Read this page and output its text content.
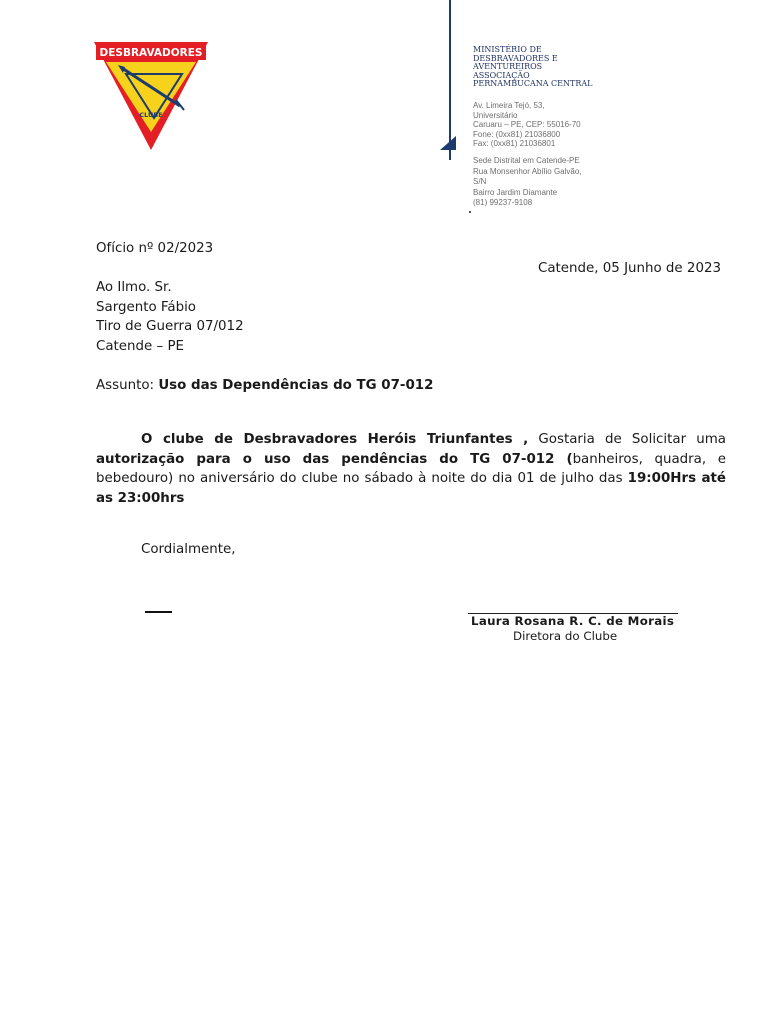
DESBRAVADORES
CLUBE
MINISTÉRIO DE
DESBRAVADORES E
AVENTUREIROS
ASSOCIAÇÃO
PERNAMBUCANA CENTRAL
Av. Limeira Tejó, 53,
Universitário
Caruaru – PE, CEP: 55016-70
Fone: (0xx81) 21036800
Fax: (0xx81) 21036801
Sede Distrital em Catende-PE
Rua Monsenhor Abílio Galvão,
S/N
Bairro Jardim Diamante
(81) 99237-9108
Ofício nº 02/2023
Catende, 05 Junho de 2023
Ao Ilmo. Sr.
Sargento Fábio
Tiro de Guerra 07/012
Catende – PE
Assunto: Uso das Dependências do TG 07-012
O clube de Desbravadores Heróis Triunfantes , Gostaria de Solicitar uma autorização para o uso das pendências do TG 07-012 (banheiros, quadra, e bebedouro) no aniversário do clube no sábado à noite do dia 01 de julho das 19:00Hrs até as 23:00hrs
Cordialmente,
Laura Rosana R. C. de Morais
Diretora do Clube
